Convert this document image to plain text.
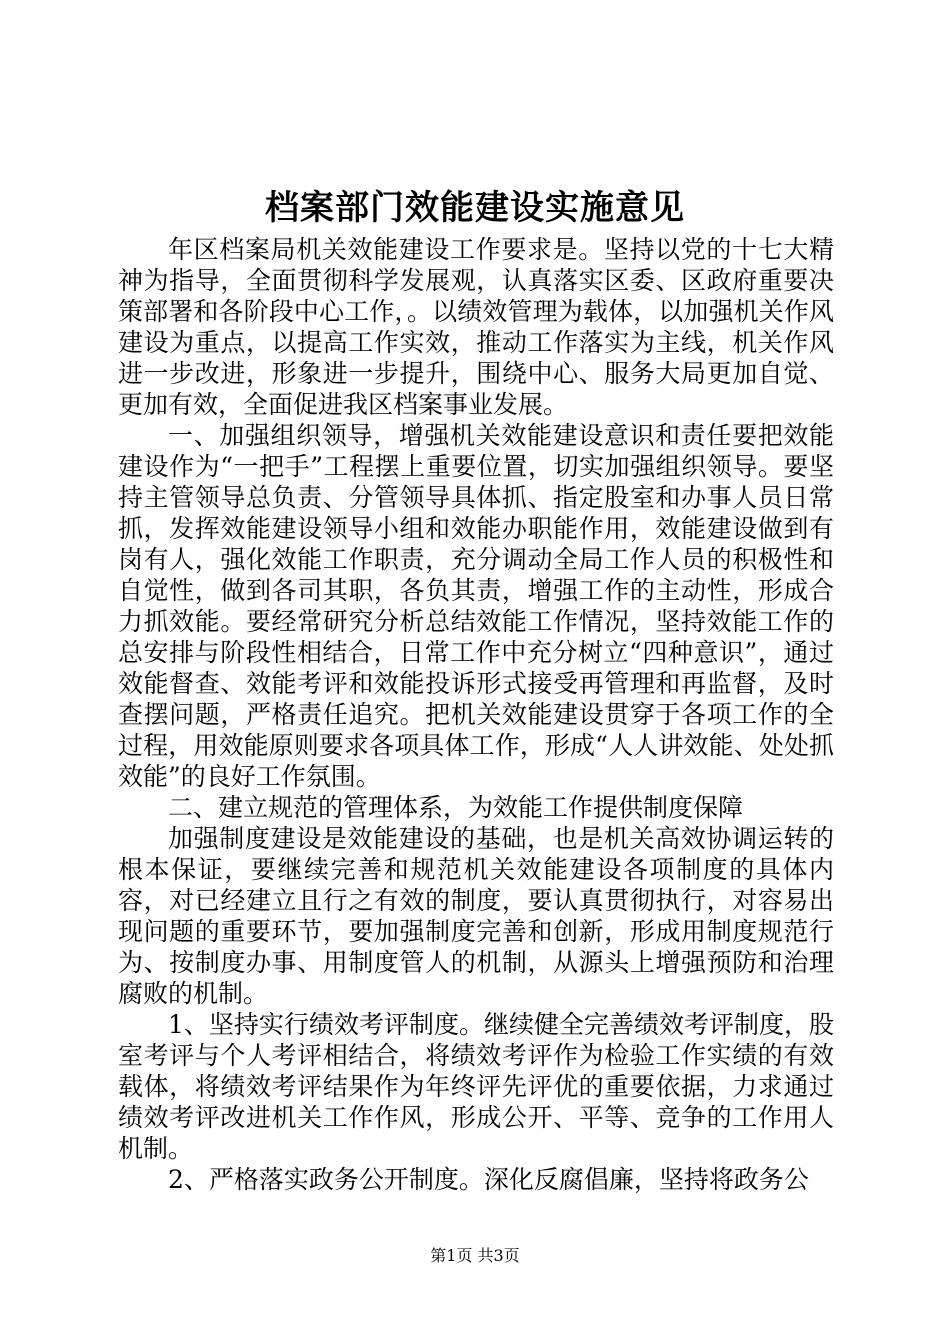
档案部门效能建设实施意见

年区档案局机关效能建设工作要求是。坚持以党的十七大精神为指导，全面贯彻科学发展观，认真落实区委、区政府重要决策部署和各阶段中心工作，。以绩效管理为载体，以加强机关作风建设为重点，以提高工作实效，推动工作落实为主线，机关作风进一步改进，形象进一步提升，围绕中心、服务大局更加自觉、更加有效，全面促进我区档案事业发展。

一、加强组织领导，增强机关效能建设意识和责任要把效能建设作为“一把手”工程摆上重要位置，切实加强组织领导。要坚持主管领导总负责、分管领导具体抓、指定股室和办事人员日常抓，发挥效能建设领导小组和效能办职能作用，效能建设做到有岗有人，强化效能工作职责，充分调动全局工作人员的积极性和自觉性，做到各司其职，各负其责，增强工作的主动性，形成合力抓效能。要经常研究分析总结效能工作情况，坚持效能工作的总安排与阶段性相结合，日常工作中充分树立“四种意识”，通过效能督查、效能考评和效能投诉形式接受再管理和再监督，及时查摆问题，严格责任追究。把机关效能建设贯穿于各项工作的全过程，用效能原则要求各项具体工作，形成“人人讲效能、处处抓效能”的良好工作氛围。

二、建立规范的管理体系，为效能工作提供制度保障

加强制度建设是效能建设的基础，也是机关高效协调运转的根本保证，要继续完善和规范机关效能建设各项制度的具体内容，对已经建立且行之有效的制度，要认真贯彻执行，对容易出现问题的重要环节，要加强制度完善和创新，形成用制度规范行为、按制度办事、用制度管人的机制，从源头上增强预防和治理腐败的机制。

1、坚持实行绩效考评制度。继续健全完善绩效考评制度，股室考评与个人考评相结合，将绩效考评作为检验工作实绩的有效载体，将绩效考评结果作为年终评先评优的重要依据，力求通过绩效考评改进机关工作作风，形成公开、平等、竞争的工作用人机制。

2、严格落实政务公开制度。深化反腐倡廉，坚持将政务公

第1页 共3页
